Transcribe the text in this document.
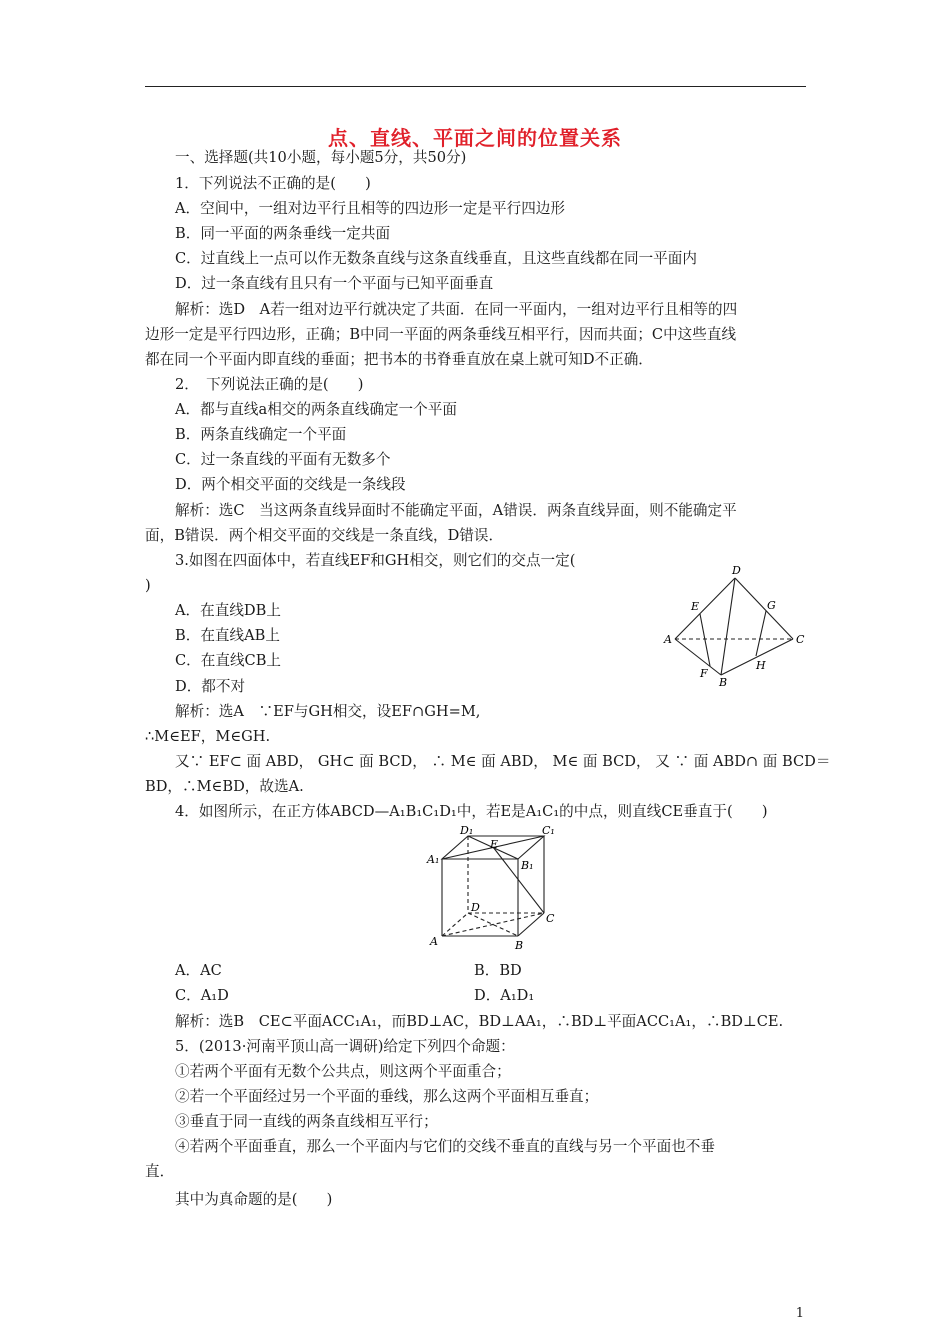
点、直线、平面之间的位置关系
一、选择题(共10小题，每小题5分，共50分)
1．下列说法不正确的是(　　)
A．空间中，一组对边平行且相等的四边形一定是平行四边形
B．同一平面的两条垂线一定共面
C．过直线上一点可以作无数条直线与这条直线垂直，且这些直线都在同一平面内
D．过一条直线有且只有一个平面与已知平面垂直
解析：选D　A若一组对边平行就决定了共面．在同一平面内，一组对边平行且相等的四
边形一定是平行四边形，正确；B中同一平面的两条垂线互相平行，因而共面；C中这些直线
都在同一个平面内即直线的垂面；把书本的书脊垂直放在桌上就可知D不正确．
2．　下列说法正确的是(　　)
A．都与直线a相交的两条直线确定一个平面
B．两条直线确定一个平面
C．过一条直线的平面有无数多个
D．两个相交平面的交线是一条线段
解析：选C　当这两条直线异面时不能确定平面，A错误．两条直线异面，则不能确定平
面，B错误．两个相交平面的交线是一条直线，D错误．
3.如图在四面体中，若直线EF和GH相交，则它们的交点一定(
)
A．在直线DB上
B．在直线AB上
C．在直线CB上
D．都不对
解析：选A　∵EF与GH相交，设EF∩GH=M,
∴M∈EF，M∈GH.
又∵ EF⊂ 面 ABD， GH⊂ 面 BCD， ∴ M∈ 面 ABD， M∈ 面 BCD， 又 ∵ 面 ABD∩ 面 BCD＝
BD，∴M∈BD，故选A.
D
E	G
A	C
F
H
B
4．如图所示，在正方体ABCD—A₁B₁C₁D₁中，若E是A₁C₁的中点，则直线CE垂直于(　　)
D₁	C₁
E
A₁	B₁
D
C
A	B
A．AC	B．BD
C．A₁D	D．A₁D₁
解析：选B　CE⊂平面ACC₁A₁，而BD⊥AC，BD⊥AA₁，∴BD⊥平面ACC₁A₁，∴BD⊥CE.
5．(2013·河南平顶山高一调研)给定下列四个命题：
①若两个平面有无数个公共点，则这两个平面重合；
②若一个平面经过另一个平面的垂线，那么这两个平面相互垂直；
③垂直于同一直线的两条直线相互平行；
④若两个平面垂直，那么一个平面内与它们的交线不垂直的直线与另一个平面也不垂
直．
其中为真命题的是(　　)
1
